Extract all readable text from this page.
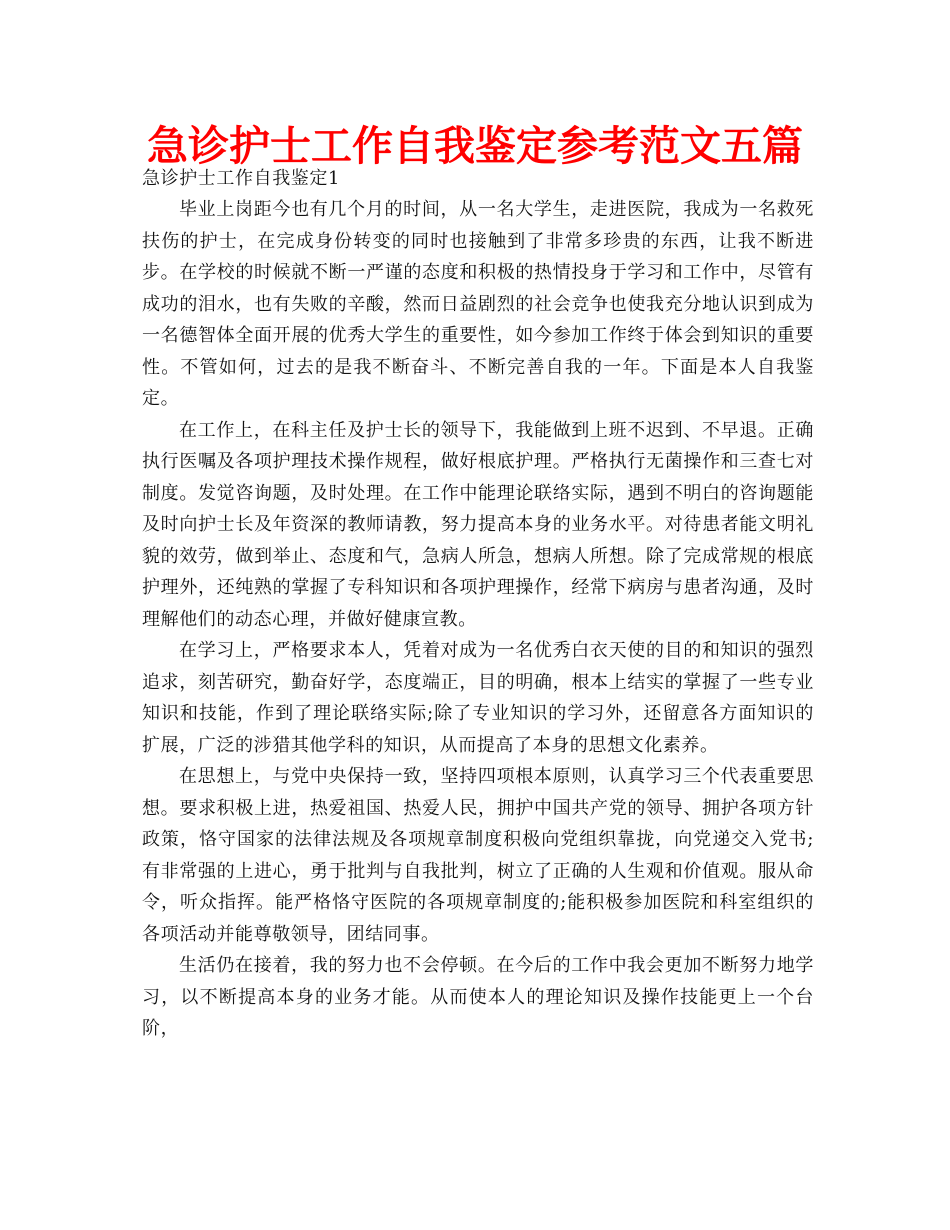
急诊护士工作自我鉴定参考范文五篇

急诊护士工作自我鉴定1

毕业上岗距今也有几个月的时间，从一名大学生，走进医院，我成为一名救死扶伤的护士，在完成身份转变的同时也接触到了非常多珍贵的东西，让我不断进步。在学校的时候就不断一严谨的态度和积极的热情投身于学习和工作中，尽管有成功的泪水，也有失败的辛酸，然而日益剧烈的社会竞争也使我充分地认识到成为一名德智体全面开展的优秀大学生的重要性，如今参加工作终于体会到知识的重要性。不管如何，过去的是我不断奋斗、不断完善自我的一年。下面是本人自我鉴定。

在工作上，在科主任及护士长的领导下，我能做到上班不迟到、不早退。正确执行医嘱及各项护理技术操作规程，做好根底护理。严格执行无菌操作和三查七对制度。发觉咨询题，及时处理。在工作中能理论联络实际，遇到不明白的咨询题能及时向护士长及年资深的教师请教，努力提高本身的业务水平。对待患者能文明礼貌的效劳，做到举止、态度和气，急病人所急，想病人所想。除了完成常规的根底护理外，还纯熟的掌握了专科知识和各项护理操作，经常下病房与患者沟通，及时理解他们的动态心理，并做好健康宣教。

在学习上，严格要求本人，凭着对成为一名优秀白衣天使的目的和知识的强烈追求，刻苦研究，勤奋好学，态度端正，目的明确，根本上结实的掌握了一些专业知识和技能，作到了理论联络实际;除了专业知识的学习外，还留意各方面知识的扩展，广泛的涉猎其他学科的知识，从而提高了本身的思想文化素养。

在思想上，与党中央保持一致，坚持四项根本原则，认真学习三个代表重要思想。要求积极上进，热爱祖国、热爱人民，拥护中国共产党的领导、拥护各项方针政策，恪守国家的法律法规及各项规章制度积极向党组织靠拢，向党递交入党书;有非常强的上进心，勇于批判与自我批判，树立了正确的人生观和价值观。服从命令，听众指挥。能严格恪守医院的各项规章制度的;能积极参加医院和科室组织的各项活动并能尊敬领导，团结同事。

生活仍在接着，我的努力也不会停顿。在今后的工作中我会更加不断努力地学习，以不断提高本身的业务才能。从而使本人的理论知识及操作技能更上一个台阶，
